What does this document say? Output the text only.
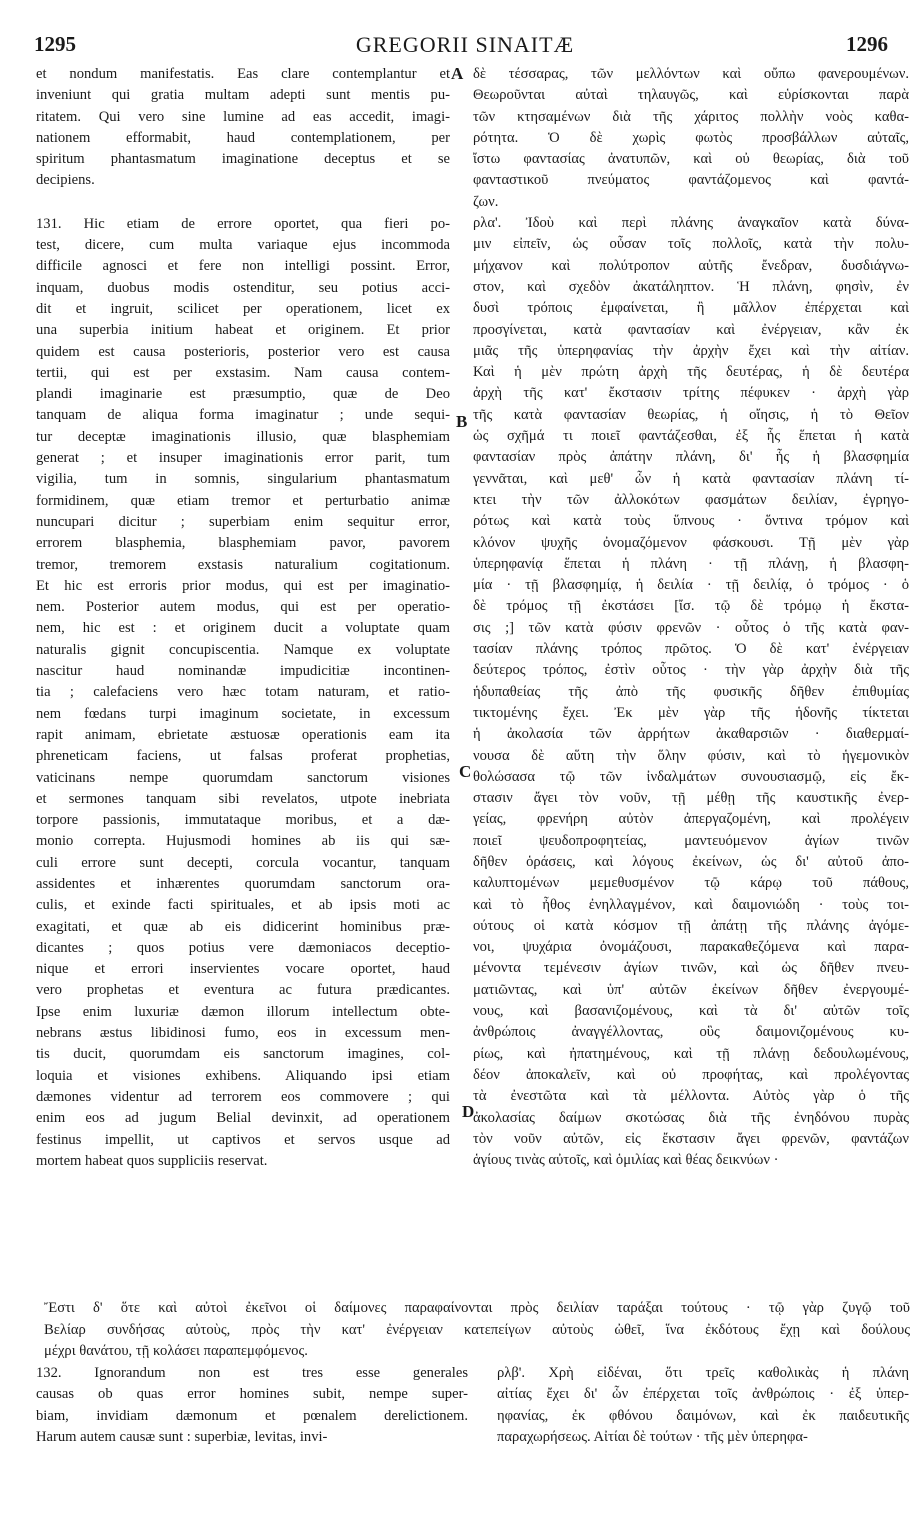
1295	GREGORII SINAITÆ	1296
A
B
C
D
et nondum manifestatis. Eas clare contemplantur et
inveniunt qui gratia multam adepti sunt mentis pu-
ritatem. Qui vero sine lumine ad eas accedit, imagi-
nationem efformabit, haud contemplationem, per
spiritum phantasmatum imaginatione deceptus et se
decipiens.
131. Hic etiam de errore oportet, qua fieri po-
test, dicere, cum multa variaque ejus incommoda
difficile agnosci et fere non intelligi possint. Error,
inquam, duobus modis ostenditur, seu potius acci-
dit et ingruit, scilicet per operationem, licet ex
una superbia initium habeat et originem. Et prior
quidem est causa posterioris, posterior vero est causa
tertii, qui est per exstasim. Nam causa contem-
plandi imaginarie est præsumptio, quæ de Deo
tanquam de aliqua forma imaginatur ; unde sequi-
tur deceptæ imaginationis illusio, quæ blasphemiam
generat ; et insuper imaginationis error parit, tum
vigilia, tum in somnis, singularium phantasmatum
formidinem, quæ etiam tremor et perturbatio animæ
nuncupari dicitur ; superbiam enim sequitur error,
errorem blasphemia, blasphemiam pavor, pavorem
tremor, tremorem exstasis naturalium cogitationum.
Et hic est erroris prior modus, qui est per imaginatio-
nem. Posterior autem modus, qui est per operatio-
nem, hic est : et originem ducit a voluptate quam
naturalis gignit concupiscentia. Namque ex voluptate
nascitur haud nominandæ impudicitiæ incontinen-
tia ; calefaciens vero hæc totam naturam, et ratio-
nem fœdans turpi imaginum societate, in excessum
rapit animam, ebrietate æstuosæ operationis eam ita
phreneticam faciens, ut falsas proferat prophetias,
vaticinans nempe quorumdam sanctorum visiones
et sermones tanquam sibi revelatos, utpote inebriata
torpore passionis, immutataque moribus, et a dæ-
monio correpta. Hujusmodi homines ab iis qui sæ-
culi errore sunt decepti, corcula vocantur, tanquam
assidentes et inhærentes quorumdam sanctorum ora-
culis, et exinde facti spirituales, et ab ipsis moti ac
exagitati, et quæ ab eis didicerint hominibus præ-
dicantes ; quos potius vere dæmoniacos deceptio-
nique et errori inservientes vocare oportet, haud
vero prophetas et eventura ac futura prædicantes.
Ipse enim luxuriæ dæmon illorum intellectum obte-
nebrans æstus libidinosi fumo, eos in excessum men-
tis ducit, quorumdam eis sanctorum imagines, col-
loquia et visiones exhibens. Aliquando ipsi etiam
dæmones videntur ad terrorem eos commovere ; qui
enim eos ad jugum Belial devinxit, ad operationem
festinus impellit, ut captivos et servos usque ad
mortem habeat quos suppliciis reservat.
δὲ τέσσαρας, τῶν μελλόντων καὶ οὔπω φανερουμένων.
Θεωροῦνται αὐταὶ τηλαυγῶς, καὶ εὑρίσκονται παρὰ
τῶν κτησαμένων διὰ τῆς χάριτος πολλὴν νοὸς καθα-
ρότητα. Ὁ δὲ χωρὶς φωτὸς προσβάλλων αὐταῖς,
ἴστω φαντασίας ἀνατυπῶν, καὶ οὐ θεωρίας, διὰ τοῦ
φανταστικοῦ πνεύματος φαντάζομενος καὶ φαντά-
ζων.
ρλα'. Ἰδοὺ καὶ περὶ πλάνης ἀναγκαῖον κατὰ δύνα-
μιν εἰπεῖν, ὡς οὖσαν τοῖς πολλοῖς, κατὰ τὴν πολυ-
μήχανον καὶ πολύτροπον αὐτῆς ἔνεδραν, δυσδιάγνω-
στον, καὶ σχεδὸν ἀκατάληπτον. Ἡ πλάνη, φησὶν, ἐν
δυσὶ τρόποις ἐμφαίνεται, ἢ μᾶλλον ἐπέρχεται καὶ
προσγίνεται, κατὰ φαντασίαν καὶ ἐνέργειαν, κἂν ἐκ
μιᾶς τῆς ὑπερηφανίας τὴν ἀρχὴν ἔχει καὶ τὴν αἰτίαν.
Καὶ ἡ μὲν πρώτη ἀρχὴ τῆς δευτέρας, ἡ δὲ δευτέρα
ἀρχὴ τῆς κατ' ἔκστασιν τρίτης πέφυκεν · ἀρχὴ γὰρ
τῆς κατὰ φαντασίαν θεωρίας, ἡ οἴησις, ἡ τὸ Θεῖον
ὡς σχῆμά τι ποιεῖ φαντάζεσθαι, ἐξ ἧς ἕπεται ἡ κατὰ
φαντασίαν πρὸς ἀπάτην πλάνη, δι' ἧς ἡ βλασφημία
γεννᾶται, καὶ μεθ' ὧν ἡ κατὰ φαντασίαν πλάνη τί-
κτει τὴν τῶν ἀλλοκότων φασμάτων δειλίαν, ἐγρηγο-
ρότως καὶ κατὰ τοὺς ὕπνους · ὅντινα τρόμον καὶ
κλόνον ψυχῆς ὀνομαζόμενον φάσκουσι. Τῇ μὲν γὰρ
ὑπερηφανίᾳ ἕπεται ἡ πλάνη · τῇ πλάνῃ, ἡ βλασφη-
μία · τῇ βλασφημίᾳ, ἡ δειλία · τῇ δειλίᾳ, ὁ τρόμος · ὁ
δὲ τρόμος τῇ ἐκστάσει [ἴσ. τῷ δὲ τρόμῳ ἡ ἔκστα-
σις ;] τῶν κατὰ φύσιν φρενῶν · οὗτος ὁ τῆς κατὰ φαν-
τασίαν πλάνης τρόπος πρῶτος. Ὁ δὲ κατ' ἐνέργειαν
δεύτερος τρόπος, ἐστὶν οὗτος · τὴν γὰρ ἀρχὴν διὰ τῆς
ἡδυπαθείας τῆς ἀπὸ τῆς φυσικῆς δῆθεν ἐπιθυμίας
τικτομένης ἔχει. Ἐκ μὲν γὰρ τῆς ἡδονῆς τίκτεται
ἡ ἀκολασία τῶν ἀρρήτων ἀκαθαρσιῶν · διαθερμαί-
νουσα δὲ αὕτη τὴν ὅλην φύσιν, καὶ τὸ ἡγεμονικὸν
θολώσασα τῷ τῶν ἰνδαλμάτων συνουσιασμῷ, εἰς ἔκ-
στασιν ἄγει τὸν νοῦν, τῇ μέθῃ τῆς καυστικῆς ἐνερ-
γείας, φρενήρη αὐτὸν ἀπεργαζομένη, καὶ προλέγειν
ποιεῖ ψευδοπροφητείας, μαντευόμενον ἁγίων τινῶν
δῆθεν ὁράσεις, καὶ λόγους ἐκείνων, ὡς δι' αὐτοῦ ἀπο-
καλυπτομένων μεμεθυσμένον τῷ κάρῳ τοῦ πάθους,
καὶ τὸ ἦθος ἐνηλλαγμένον, καὶ δαιμονιώδη · τοὺς τοι-
ούτους οἱ κατὰ κόσμον τῇ ἀπάτῃ τῆς πλάνης ἀγόμε-
νοι, ψυχάρια ὀνομάζουσι, παρακαθεζόμενα καὶ παρα-
μένοντα τεμένεσιν ἁγίων τινῶν, καὶ ὡς δῆθεν πνευ-
ματιῶντας, καὶ ὑπ' αὐτῶν ἐκείνων δῆθεν ἐνεργουμέ-
νους, καὶ βασανιζομένους, καὶ τὰ δι' αὐτῶν τοῖς
ἀνθρώποις ἀναγγέλλοντας, οὓς δαιμονιζομένους κυ-
ρίως, καὶ ἠπατημένους, καὶ τῇ πλάνῃ δεδουλωμένους,
δέον ἀποκαλεῖν, καὶ οὐ προφήτας, καὶ προλέγοντας
τὰ ἐνεστῶτα καὶ τὰ μέλλοντα. Αὐτὸς γὰρ ὁ τῆς
ἀκολασίας δαίμων σκοτώσας διὰ τῆς ἐνηδόνου πυρὰς
τὸν νοῦν αὐτῶν, εἰς ἔκστασιν ἄγει φρενῶν, φαντάζων
ἁγίους τινὰς αὐτοῖς, καὶ ὁμιλίας καὶ θέας δεικνύων ·
Ἔστι δ' ὅτε καὶ αὐτοὶ ἐκεῖνοι οἱ δαίμονες παραφαίνονται πρὸς δειλίαν ταράξαι τούτους · τῷ γὰρ ζυγῷ τοῦ
Βελίαρ συνδήσας αὐτοὺς, πρὸς τὴν κατ' ἐνέργειαν κατεπείγων αὐτοὺς ὠθεῖ, ἵνα ἐκδότους ἔχῃ καὶ δούλους
μέχρι θανάτου, τῇ κολάσει παραπεμφόμενος.
132. Ignorandum non est tres esse generales
causas ob quas error homines subit, nempe super-
biam, invidiam dæmonum et pœnalem derelictionem.
Harum autem causæ sunt : superbiæ, levitas, invi-
ρλβ'. Χρὴ εἰδέναι, ὅτι τρεῖς καθολικὰς ἡ πλάνη
αἰτίας ἔχει δι' ὧν ἐπέρχεται τοῖς ἀνθρώποις · ἐξ ὑπερ-
ηφανίας, ἐκ φθόνου δαιμόνων, καὶ ἐκ παιδευτικῆς
παραχωρήσεως. Αἰτίαι δὲ τούτων · τῆς μὲν ὑπερηφα-
